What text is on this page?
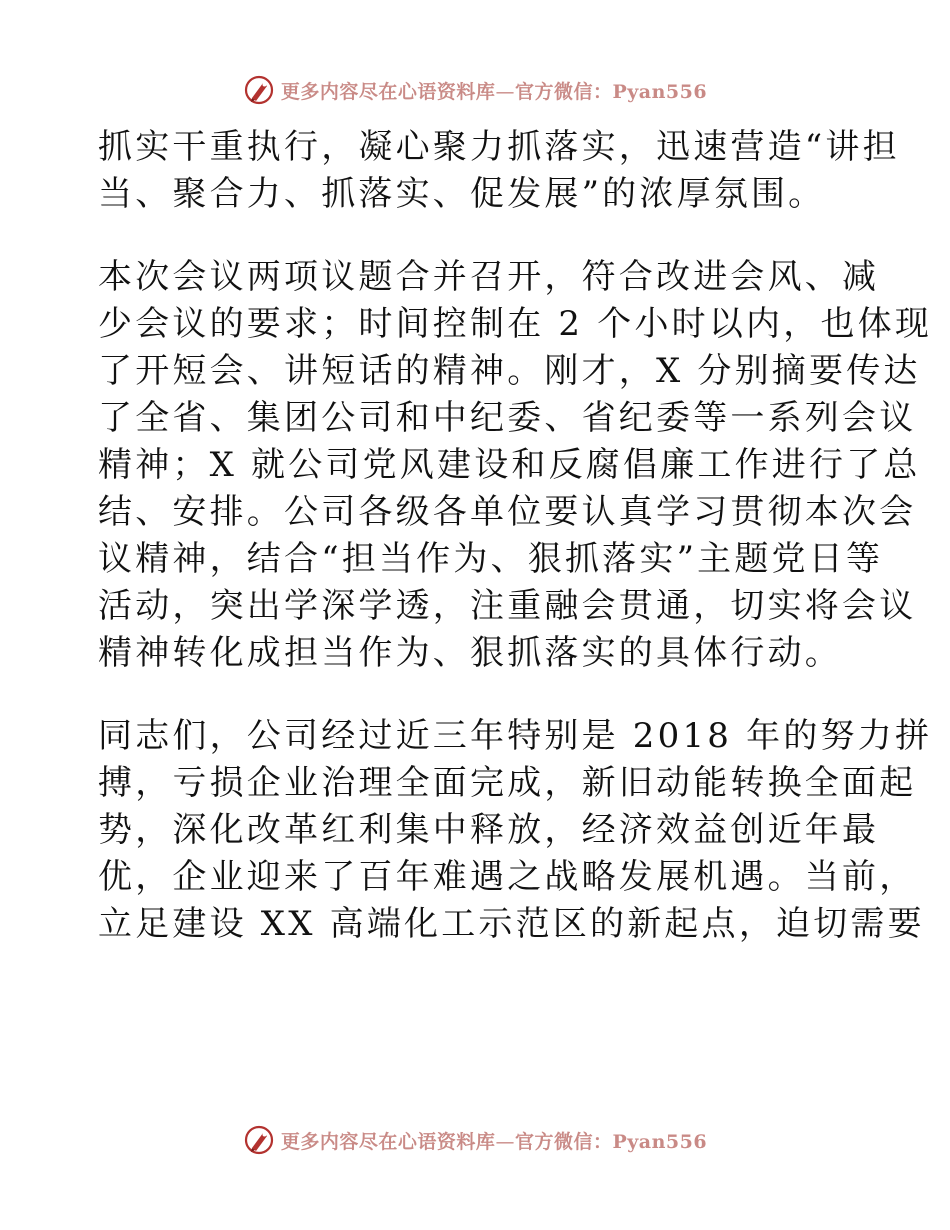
更多内容尽在心语资料库—官方微信：Pyan556
抓实干重执行，凝心聚力抓落实，迅速营造“讲担
当、聚合力、抓落实、促发展”的浓厚氛围。
本次会议两项议题合并召开，符合改进会风、减
少会议的要求；时间控制在 2 个小时以内，也体现
了开短会、讲短话的精神。刚才，X 分别摘要传达
了全省、集团公司和中纪委、省纪委等一系列会议
精神；X 就公司党风建设和反腐倡廉工作进行了总
结、安排。公司各级各单位要认真学习贯彻本次会
议精神，结合“担当作为、狠抓落实”主题党日等
活动，突出学深学透，注重融会贯通，切实将会议
精神转化成担当作为、狠抓落实的具体行动。
同志们，公司经过近三年特别是 2018 年的努力拼
搏，亏损企业治理全面完成，新旧动能转换全面起
势，深化改革红利集中释放，经济效益创近年最
优，企业迎来了百年难遇之战略发展机遇。当前，
立足建设 XX 高端化工示范区的新起点，迫切需要
更多内容尽在心语资料库—官方微信：Pyan556
